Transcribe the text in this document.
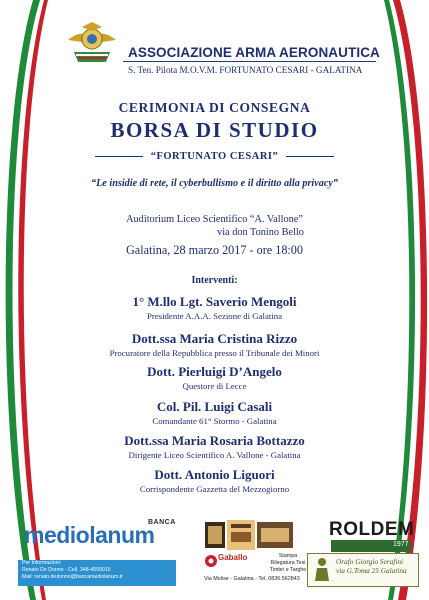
ASSOCIAZIONE ARMA AERONAUTICA
S. Ten. Pilota M.O.V.M. FORTUNATO CESARI - GALATINA
CERIMONIA DI CONSEGNA
BORSA DI STUDIO
“FORTUNATO CESARI”
“Le insidie di rete, il cyberbullismo e il diritto alla privacy”
Auditorium Liceo Scientifico “A. Vallone”
via don Tonino Bello
Galatina, 28 marzo 2017 - ore 18:00
Interventi:
1° M.llo Lgt. Saverio Mengoli
Presidente A.A.A. Sezione di Galatina
Dott.ssa Maria Cristina Rizzo
Procuratore della Repubblica presso il Tribunale dei Minori
Dott. Pierluigi D’Angelo
Questore di Lecce
Col. Pil. Luigi Casali
Comandante 61° Stormo - Galatina
Dott.ssa Maria Rosaria Bottazzo
Dirigente Liceo Scientifico A. Vallone - Galatina
Dott. Antonio Liguori
Corrispondente Gazzetta del Mezzogiorno
mediolanum
BANCA
Per Informazioni:
Renato De Donno - Cell. 348-4555015
Mail: renato.dedonno@bancamediolanum.it
Gaballo	Stampa
Rilegatura Tesi
Timbri e Targhe
Via Molise - Galatina - Tel. 0836.562843
ROLDEM
1977
Orafo Giorgio Serafini
via G.Toma 25 Galatina
